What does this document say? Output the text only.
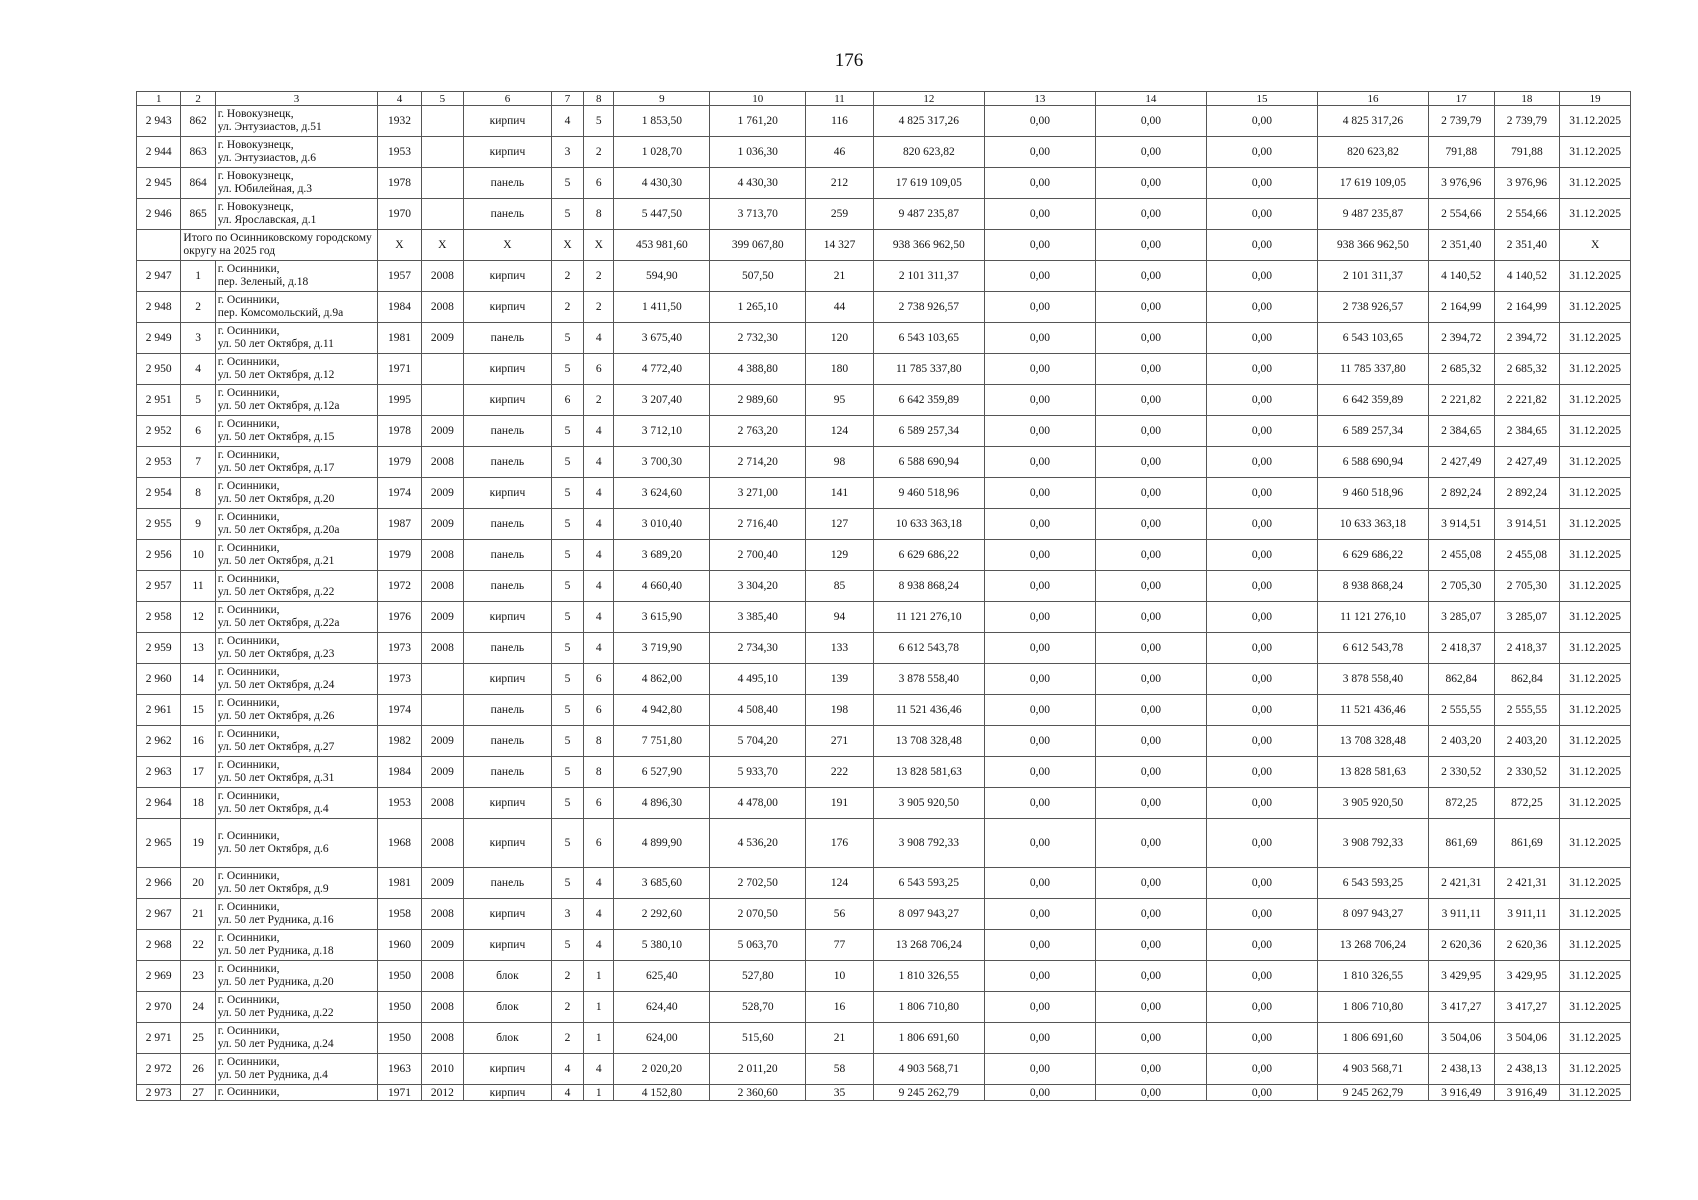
176
1	2	3	4	5	6	7	8	9	10	11	12	13	14	15	16	17	18	19
2 943	862	г. Новокузнецк,
ул. Энтузиастов, д.51	1932		кирпич	4	5	1 853,50	1 761,20	116	4 825 317,26	0,00	0,00	0,00	4 825 317,26	2 739,79	2 739,79	31.12.2025
2 944	863	г. Новокузнецк,
ул. Энтузиастов, д.6	1953		кирпич	3	2	1 028,70	1 036,30	46	820 623,82	0,00	0,00	0,00	820 623,82	791,88	791,88	31.12.2025
2 945	864	г. Новокузнецк,
ул. Юбилейная, д.3	1978		панель	5	6	4 430,30	4 430,30	212	17 619 109,05	0,00	0,00	0,00	17 619 109,05	3 976,96	3 976,96	31.12.2025
2 946	865	г. Новокузнецк,
ул. Ярославская, д.1	1970		панель	5	8	5 447,50	3 713,70	259	9 487 235,87	0,00	0,00	0,00	9 487 235,87	2 554,66	2 554,66	31.12.2025
	Итого по Осинниковскому городскому округу на 2025 год		X	X	X	X	X	453 981,60	399 067,80	14 327	938 366 962,50	0,00	0,00	0,00	938 366 962,50	2 351,40	2 351,40	X
2 947	1	г. Осинники,
пер. Зеленый, д.18	1957	2008	кирпич	2	2	594,90	507,50	21	2 101 311,37	0,00	0,00	0,00	2 101 311,37	4 140,52	4 140,52	31.12.2025
2 948	2	г. Осинники,
пер. Комсомольский, д.9а	1984	2008	кирпич	2	2	1 411,50	1 265,10	44	2 738 926,57	0,00	0,00	0,00	2 738 926,57	2 164,99	2 164,99	31.12.2025
2 949	3	г. Осинники,
ул. 50 лет Октября, д.11	1981	2009	панель	5	4	3 675,40	2 732,30	120	6 543 103,65	0,00	0,00	0,00	6 543 103,65	2 394,72	2 394,72	31.12.2025
2 950	4	г. Осинники,
ул. 50 лет Октября, д.12	1971		кирпич	5	6	4 772,40	4 388,80	180	11 785 337,80	0,00	0,00	0,00	11 785 337,80	2 685,32	2 685,32	31.12.2025
2 951	5	г. Осинники,
ул. 50 лет Октября, д.12а	1995		кирпич	6	2	3 207,40	2 989,60	95	6 642 359,89	0,00	0,00	0,00	6 642 359,89	2 221,82	2 221,82	31.12.2025
2 952	6	г. Осинники,
ул. 50 лет Октября, д.15	1978	2009	панель	5	4	3 712,10	2 763,20	124	6 589 257,34	0,00	0,00	0,00	6 589 257,34	2 384,65	2 384,65	31.12.2025
2 953	7	г. Осинники,
ул. 50 лет Октября, д.17	1979	2008	панель	5	4	3 700,30	2 714,20	98	6 588 690,94	0,00	0,00	0,00	6 588 690,94	2 427,49	2 427,49	31.12.2025
2 954	8	г. Осинники,
ул. 50 лет Октября, д.20	1974	2009	кирпич	5	4	3 624,60	3 271,00	141	9 460 518,96	0,00	0,00	0,00	9 460 518,96	2 892,24	2 892,24	31.12.2025
2 955	9	г. Осинники,
ул. 50 лет Октября, д.20а	1987	2009	панель	5	4	3 010,40	2 716,40	127	10 633 363,18	0,00	0,00	0,00	10 633 363,18	3 914,51	3 914,51	31.12.2025
2 956	10	г. Осинники,
ул. 50 лет Октября, д.21	1979	2008	панель	5	4	3 689,20	2 700,40	129	6 629 686,22	0,00	0,00	0,00	6 629 686,22	2 455,08	2 455,08	31.12.2025
2 957	11	г. Осинники,
ул. 50 лет Октября, д.22	1972	2008	панель	5	4	4 660,40	3 304,20	85	8 938 868,24	0,00	0,00	0,00	8 938 868,24	2 705,30	2 705,30	31.12.2025
2 958	12	г. Осинники,
ул. 50 лет Октября, д.22а	1976	2009	кирпич	5	4	3 615,90	3 385,40	94	11 121 276,10	0,00	0,00	0,00	11 121 276,10	3 285,07	3 285,07	31.12.2025
2 959	13	г. Осинники,
ул. 50 лет Октября, д.23	1973	2008	панель	5	4	3 719,90	2 734,30	133	6 612 543,78	0,00	0,00	0,00	6 612 543,78	2 418,37	2 418,37	31.12.2025
2 960	14	г. Осинники,
ул. 50 лет Октября, д.24	1973		кирпич	5	6	4 862,00	4 495,10	139	3 878 558,40	0,00	0,00	0,00	3 878 558,40	862,84	862,84	31.12.2025
2 961	15	г. Осинники,
ул. 50 лет Октября, д.26	1974		панель	5	6	4 942,80	4 508,40	198	11 521 436,46	0,00	0,00	0,00	11 521 436,46	2 555,55	2 555,55	31.12.2025
2 962	16	г. Осинники,
ул. 50 лет Октября, д.27	1982	2009	панель	5	8	7 751,80	5 704,20	271	13 708 328,48	0,00	0,00	0,00	13 708 328,48	2 403,20	2 403,20	31.12.2025
2 963	17	г. Осинники,
ул. 50 лет Октября, д.31	1984	2009	панель	5	8	6 527,90	5 933,70	222	13 828 581,63	0,00	0,00	0,00	13 828 581,63	2 330,52	2 330,52	31.12.2025
2 964	18	г. Осинники,
ул. 50 лет Октября, д.4	1953	2008	кирпич	5	6	4 896,30	4 478,00	191	3 905 920,50	0,00	0,00	0,00	3 905 920,50	872,25	872,25	31.12.2025
2 965	19	г. Осинники,
ул. 50 лет Октября, д.6	1968	2008	кирпич	5	6	4 899,90	4 536,20	176	3 908 792,33	0,00	0,00	0,00	3 908 792,33	861,69	861,69	31.12.2025
2 966	20	г. Осинники,
ул. 50 лет Октября, д.9	1981	2009	панель	5	4	3 685,60	2 702,50	124	6 543 593,25	0,00	0,00	0,00	6 543 593,25	2 421,31	2 421,31	31.12.2025
2 967	21	г. Осинники,
ул. 50 лет Рудника, д.16	1958	2008	кирпич	3	4	2 292,60	2 070,50	56	8 097 943,27	0,00	0,00	0,00	8 097 943,27	3 911,11	3 911,11	31.12.2025
2 968	22	г. Осинники,
ул. 50 лет Рудника, д.18	1960	2009	кирпич	5	4	5 380,10	5 063,70	77	13 268 706,24	0,00	0,00	0,00	13 268 706,24	2 620,36	2 620,36	31.12.2025
2 969	23	г. Осинники,
ул. 50 лет Рудника, д.20	1950	2008	блок	2	1	625,40	527,80	10	1 810 326,55	0,00	0,00	0,00	1 810 326,55	3 429,95	3 429,95	31.12.2025
2 970	24	г. Осинники,
ул. 50 лет Рудника, д.22	1950	2008	блок	2	1	624,40	528,70	16	1 806 710,80	0,00	0,00	0,00	1 806 710,80	3 417,27	3 417,27	31.12.2025
2 971	25	г. Осинники,
ул. 50 лет Рудника, д.24	1950	2008	блок	2	1	624,00	515,60	21	1 806 691,60	0,00	0,00	0,00	1 806 691,60	3 504,06	3 504,06	31.12.2025
2 972	26	г. Осинники,
ул. 50 лет Рудника, д.4	1963	2010	кирпич	4	4	2 020,20	2 011,20	58	4 903 568,71	0,00	0,00	0,00	4 903 568,71	2 438,13	2 438,13	31.12.2025
2 973	27	г. Осинники,	1971	2012	кирпич	4	1	4 152,80	2 360,60	35	9 245 262,79	0,00	0,00	0,00	9 245 262,79	3 916,49	3 916,49	31.12.2025
